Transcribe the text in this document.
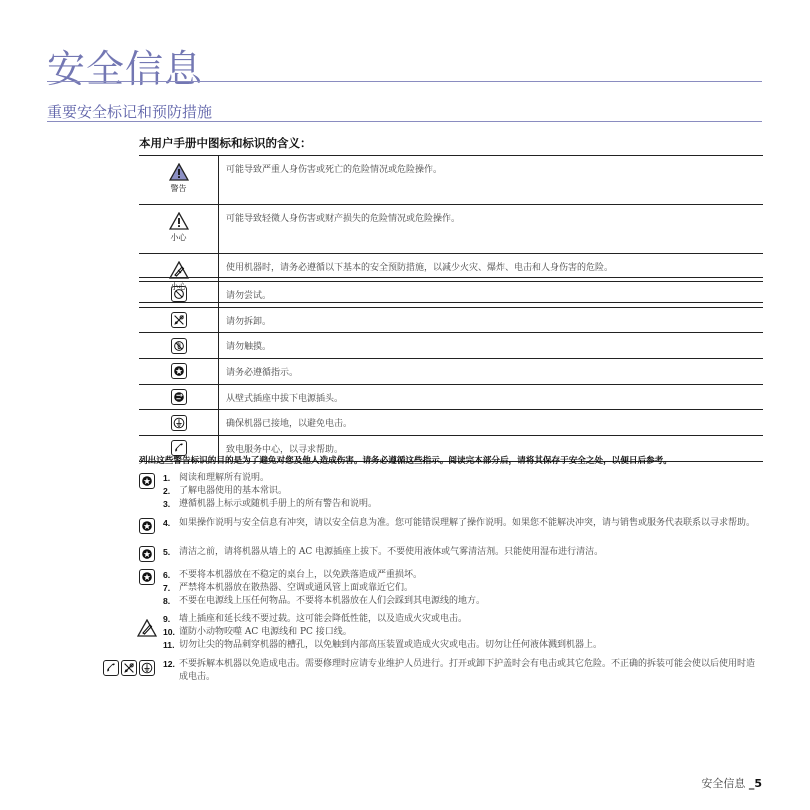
安全信息
重要安全标记和预防措施
本用户手册中图标和标识的含义：
警告	可能导致严重人身伤害或死亡的危险情况或危险操作。

小心	可能导致轻微人身伤害或财产损失的危险情况或危险操作。

小心	使用机器时，请务必遵循以下基本的安全预防措施，以减少火灾、爆炸、电击和人身伤害的危险。
	请勿尝试。

	请勿拆卸。

	请勿触摸。

	请务必遵循指示。

	从壁式插座中拔下电源插头。

	确保机器已接地，以避免电击。

	致电服务中心，以寻求帮助。
列出这些警告标识的目的是为了避免对您及他人造成伤害。请务必遵循这些指示。阅读完本部分后，请将其保存于安全之处，以便日后参考。
1. 阅读和理解所有说明。
2. 了解电器使用的基本常识。
3. 遵循机器上标示或随机手册上的所有警告和说明。
4. 如果操作说明与安全信息有冲突，请以安全信息为准。您可能错误理解了操作说明。如果您不能解决冲突，请与销售或服务代表联系以寻求帮助。
5. 清洁之前，请将机器从墙上的 AC 电源插座上拔下。不要使用液体或气雾清洁剂。只能使用湿布进行清洁。
6. 不要将本机器放在不稳定的桌台上，以免跌落造成严重损坏。
7. 严禁将本机器放在散热器、空调或通风管上面或靠近它们。
8. 不要在电源线上压任何物品。不要将本机器放在人们会踩到其电源线的地方。
9. 墙上插座和延长线不要过载。这可能会降低性能，以及造成火灾或电击。
10. 谨防小动物咬噬 AC 电源线和 PC 接口线。
11. 切勿让尖的物品刺穿机器的槽孔，以免触到内部高压装置或造成火灾或电击。切勿让任何液体溅到机器上。
12. 不要拆解本机器以免造成电击。需要修理时应请专业维护人员进行。打开或卸下护盖时会有电击或其它危险。不正确的拆装可能会使以后使用时造成电击。
安全信息 _5
